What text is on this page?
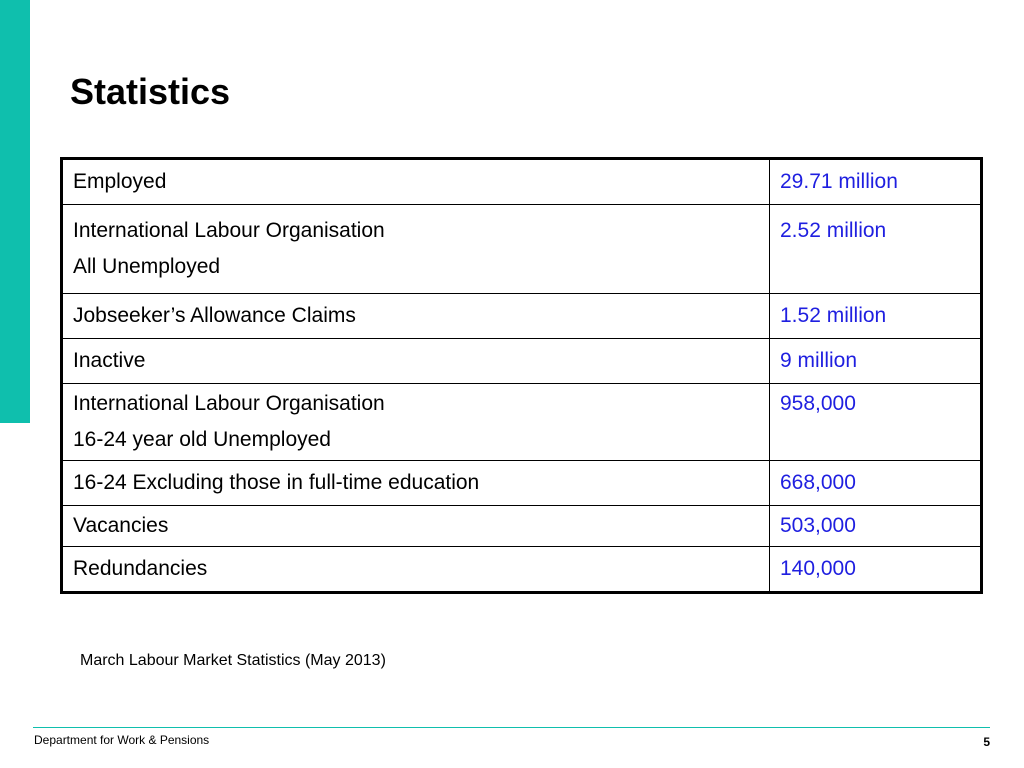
Statistics
Employed	29.71 million

International Labour Organisation
All Unemployed	2.52 million

Jobseeker’s Allowance Claims	1.52 million

Inactive	9 million

International Labour Organisation
16-24 year old Unemployed	958,000

16-24 Excluding those in full-time education	668,000

Vacancies	503,000

Redundancies	140,000
March Labour Market Statistics (May 2013)
Department for Work & Pensions	5
